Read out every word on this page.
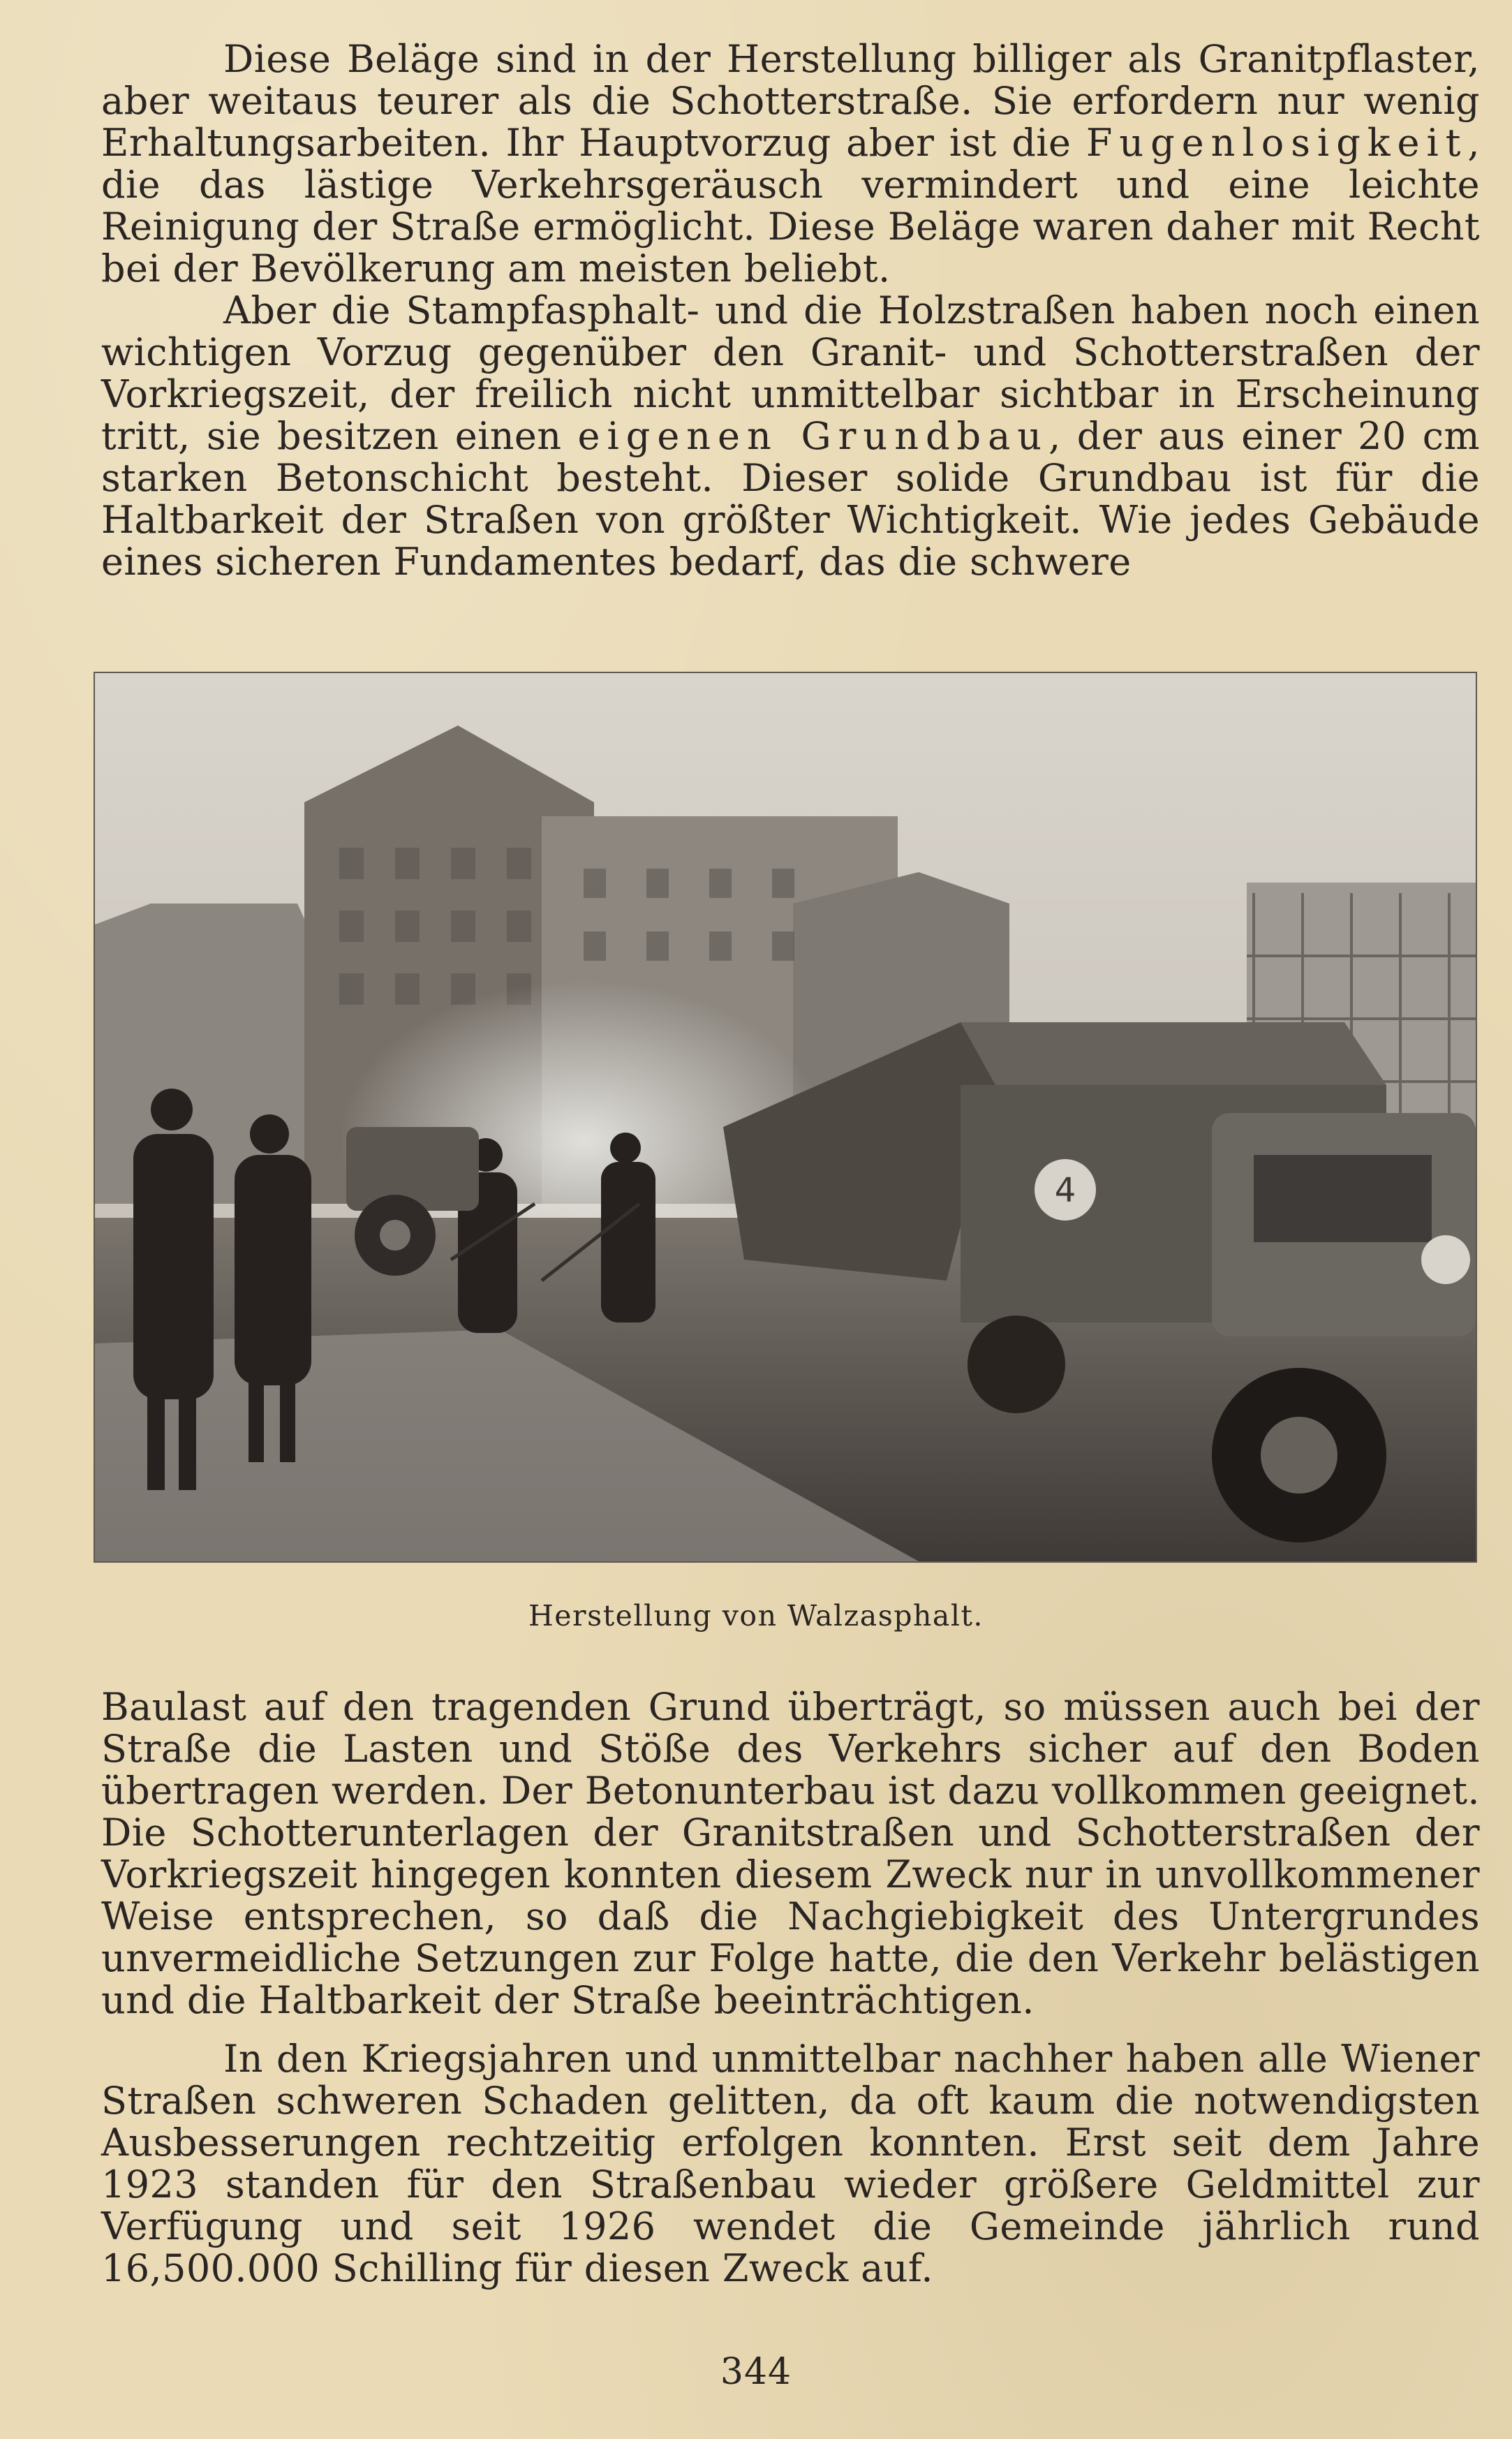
Diese Beläge sind in der Herstellung billiger als Granitpflaster, aber weitaus teurer als die Schotterstraße. Sie erfordern nur wenig Erhaltungsarbeiten. Ihr Hauptvorzug aber ist die Fugenlosigkeit, die das lästige Verkehrsgeräusch vermindert und eine leichte Reinigung der Straße ermöglicht. Diese Beläge waren daher mit Recht bei der Bevölkerung am meisten beliebt.

Aber die Stampfasphalt- und die Holzstraßen haben noch einen wichtigen Vorzug gegenüber den Granit- und Schotterstraßen der Vorkriegszeit, der freilich nicht unmittelbar sichtbar in Erscheinung tritt, sie besitzen einen eigenen Grundbau, der aus einer 20 cm starken Betonschicht besteht. Dieser solide Grundbau ist für die Haltbarkeit der Straßen von größter Wichtigkeit. Wie jedes Gebäude eines sicheren Fundamentes bedarf, das die schwere

4
Herstellung von Walzasphalt.

Baulast auf den tragenden Grund überträgt, so müssen auch bei der Straße die Lasten und Stöße des Verkehrs sicher auf den Boden übertragen werden. Der Betonunterbau ist dazu vollkommen geeignet. Die Schotterunterlagen der Granitstraßen und Schotterstraßen der Vorkriegszeit hingegen konnten diesem Zweck nur in unvollkommener Weise entsprechen, so daß die Nachgiebigkeit des Untergrundes unvermeidliche Setzungen zur Folge hatte, die den Verkehr belästigen und die Haltbarkeit der Straße beeinträchtigen.

In den Kriegsjahren und unmittelbar nachher haben alle Wiener Straßen schweren Schaden gelitten, da oft kaum die notwendigsten Ausbesserungen rechtzeitig erfolgen konnten. Erst seit dem Jahre 1923 standen für den Straßenbau wieder größere Geldmittel zur Verfügung und seit 1926 wendet die Gemeinde jährlich rund 16,500.000 Schilling für diesen Zweck auf.

344
